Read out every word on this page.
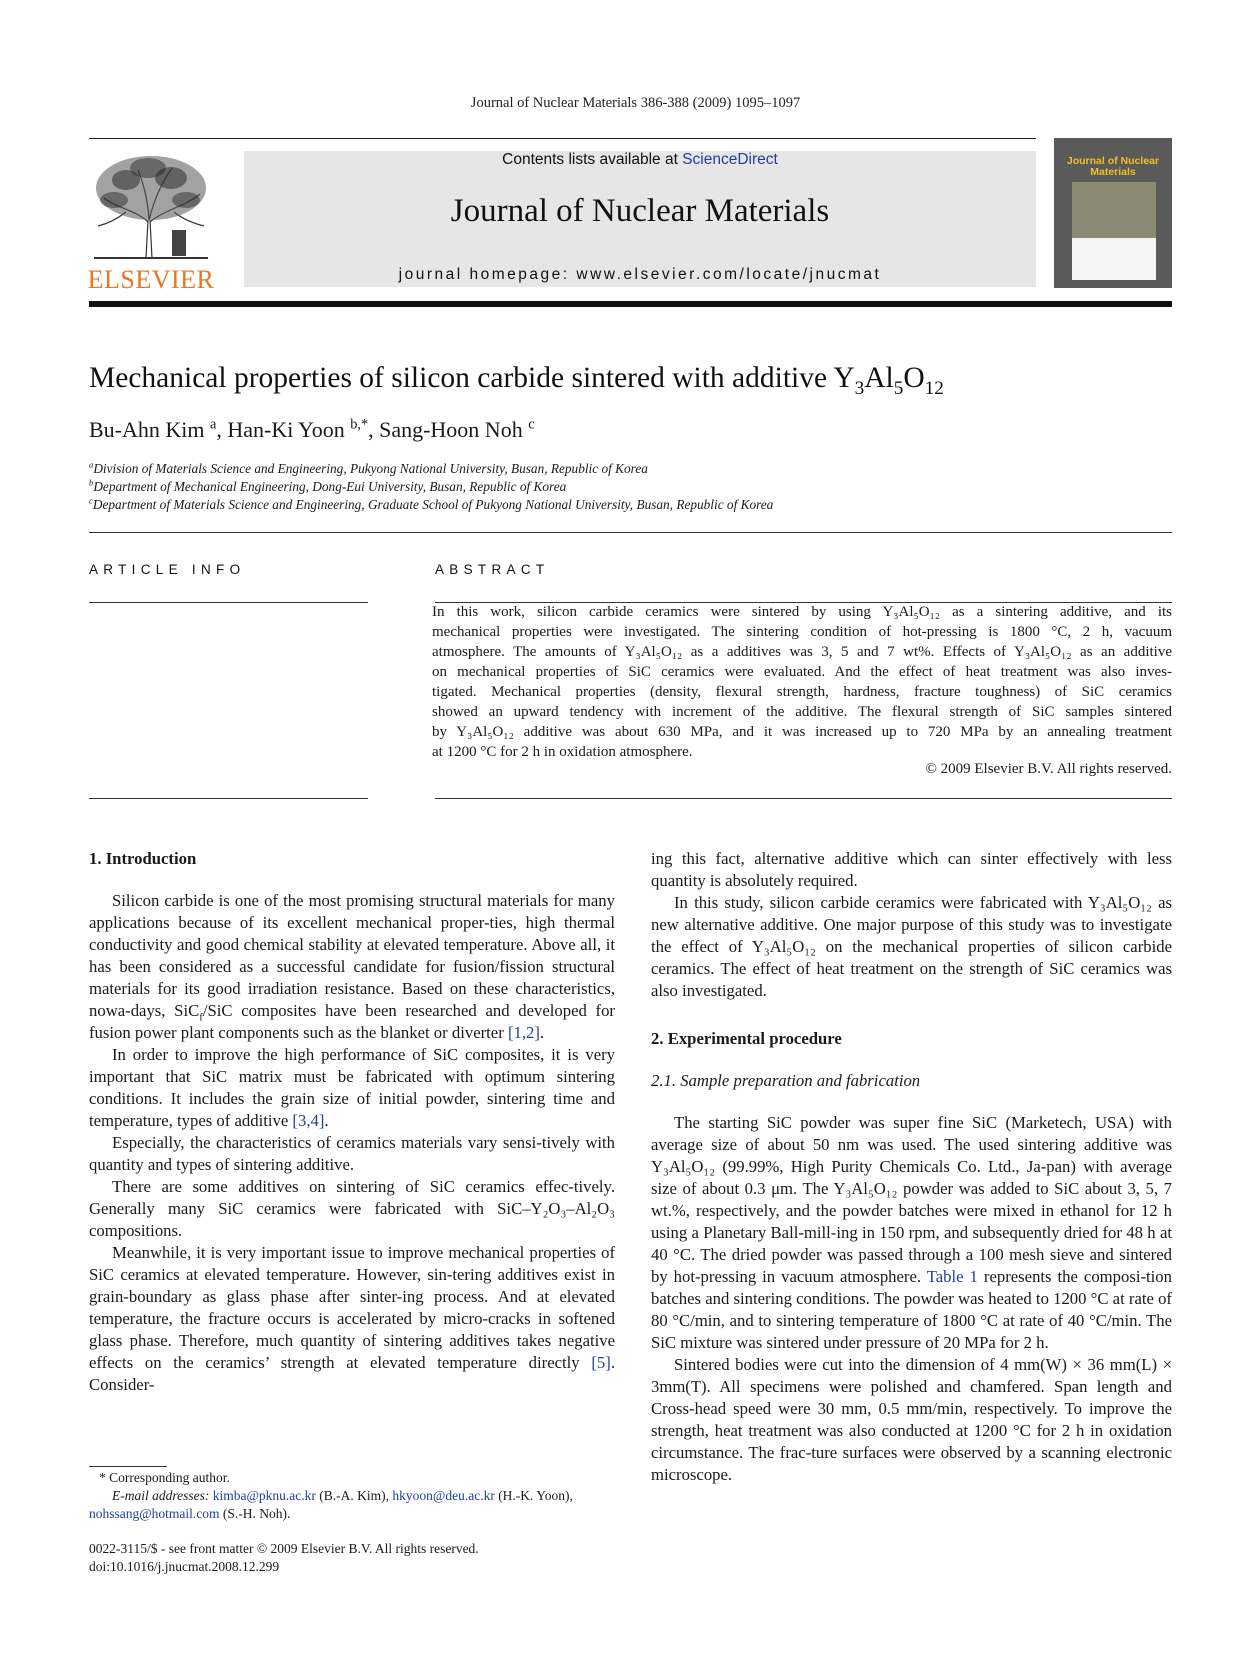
Journal of Nuclear Materials 386-388 (2009) 1095–1097
ELSEVIER
Contents lists available at ScienceDirect
Journal of Nuclear Materials
journal homepage: www.elsevier.com/locate/jnucmat
Journal of Nuclear Materials
Mechanical properties of silicon carbide sintered with additive $Y_3Al_5O_{12}$
Bu-Ahn Kim $^a$, Han-Ki Yoon $^{b,*}$, Sang-Hoon Noh $^c$
$^a$Division of Materials Science and Engineering, Pukyong National University, Busan, Republic of Korea
$^b$Department of Mechanical Engineering, Dong-Eui University, Busan, Republic of Korea
$^c$Department of Materials Science and Engineering, Graduate School of Pukyong National University, Busan, Republic of Korea
ARTICLE INFO	ABSTRACT

In this work, silicon carbide ceramics were sintered by using Y₃Al₅O₁₂ as a sintering additive, and its

mechanical properties were investigated. The sintering condition of hot-pressing is 1800 °C, 2 h, vacuum

atmosphere. The amounts of Y₃Al₅O₁₂ as a additives was 3, 5 and 7 wt%. Effects of Y₃Al₅O₁₂ as an additive

on mechanical properties of SiC ceramics were evaluated. And the effect of heat treatment was also inves-

tigated. Mechanical properties (density, flexural strength, hardness, fracture toughness) of SiC ceramics

showed an upward tendency with increment of the additive. The flexural strength of SiC samples sintered

by Y₃Al₅O₁₂ additive was about 630 MPa, and it was increased up to 720 MPa by an annealing treatment

at 1200 °C for 2 h in oxidation atmosphere.

© 2009 Elsevier B.V. All rights reserved.
1. Introduction

Silicon carbide is one of the most promising structural materials for many applications because of its excellent mechanical proper-ties, high thermal conductivity and good chemical stability at elevated temperature. Above all, it has been considered as a successful candidate for fusion/fission structural materials for its good irradiation resistance. Based on these characteristics, nowa-days, SiC$_f$/SiC composites have been researched and developed for fusion power plant components such as the blanket or diverter [1,2].

In order to improve the high performance of SiC composites, it is very important that SiC matrix must be fabricated with optimum sintering conditions. It includes the grain size of initial powder, sintering time and temperature, types of additive [3,4].

Especially, the characteristics of ceramics materials vary sensi-tively with quantity and types of sintering additive.

There are some additives on sintering of SiC ceramics effec-tively. Generally many SiC ceramics were fabricated with SiC–Y₂O₃–Al₂O₃ compositions.

Meanwhile, it is very important issue to improve mechanical properties of SiC ceramics at elevated temperature. However, sin-tering additives exist in grain-boundary as glass phase after sinter-ing process. And at elevated temperature, the fracture occurs is accelerated by micro-cracks in softened glass phase. Therefore, much quantity of sintering additives takes negative effects on the ceramics’ strength at elevated temperature directly [5]. Consider-

* Corresponding author.
E-mail addresses: kimba@pknu.ac.kr (B.-A. Kim), hkyoon@deu.ac.kr (H.-K. Yoon),
nohssang@hotmail.com (S.-H. Noh).
0022-3115/$ - see front matter © 2009 Elsevier B.V. All rights reserved.
doi:10.1016/j.jnucmat.2008.12.299

ing this fact, alternative additive which can sinter effectively with less quantity is absolutely required.

In this study, silicon carbide ceramics were fabricated with Y₃Al₅O₁₂ as new alternative additive. One major purpose of this study was to investigate the effect of Y₃Al₅O₁₂ on the mechanical properties of silicon carbide ceramics. The effect of heat treatment on the strength of SiC ceramics was also investigated.

2. Experimental procedure
2.1. Sample preparation and fabrication

The starting SiC powder was super fine SiC (Marketech, USA) with average size of about 50 nm was used. The used sintering additive was Y₃Al₅O₁₂ (99.99%, High Purity Chemicals Co. Ltd., Ja-pan) with average size of about 0.3 μm. The Y₃Al₅O₁₂ powder was added to SiC about 3, 5, 7 wt.%, respectively, and the powder batches were mixed in ethanol for 12 h using a Planetary Ball-mill-ing in 150 rpm, and subsequently dried for 48 h at 40 °C. The dried powder was passed through a 100 mesh sieve and sintered by hot-pressing in vacuum atmosphere. Table 1 represents the composi-tion batches and sintering conditions. The powder was heated to 1200 °C at rate of 80 °C/min, and to sintering temperature of 1800 °C at rate of 40 °C/min. The SiC mixture was sintered under pressure of 20 MPa for 2 h.

Sintered bodies were cut into the dimension of 4 mm(W) × 36 mm(L) × 3mm(T). All specimens were polished and chamfered. Span length and Cross-head speed were 30 mm, 0.5 mm/min, respectively. To improve the strength, heat treatment was also conducted at 1200 °C for 2 h in oxidation circumstance. The frac-ture surfaces were observed by a scanning electronic microscope.
